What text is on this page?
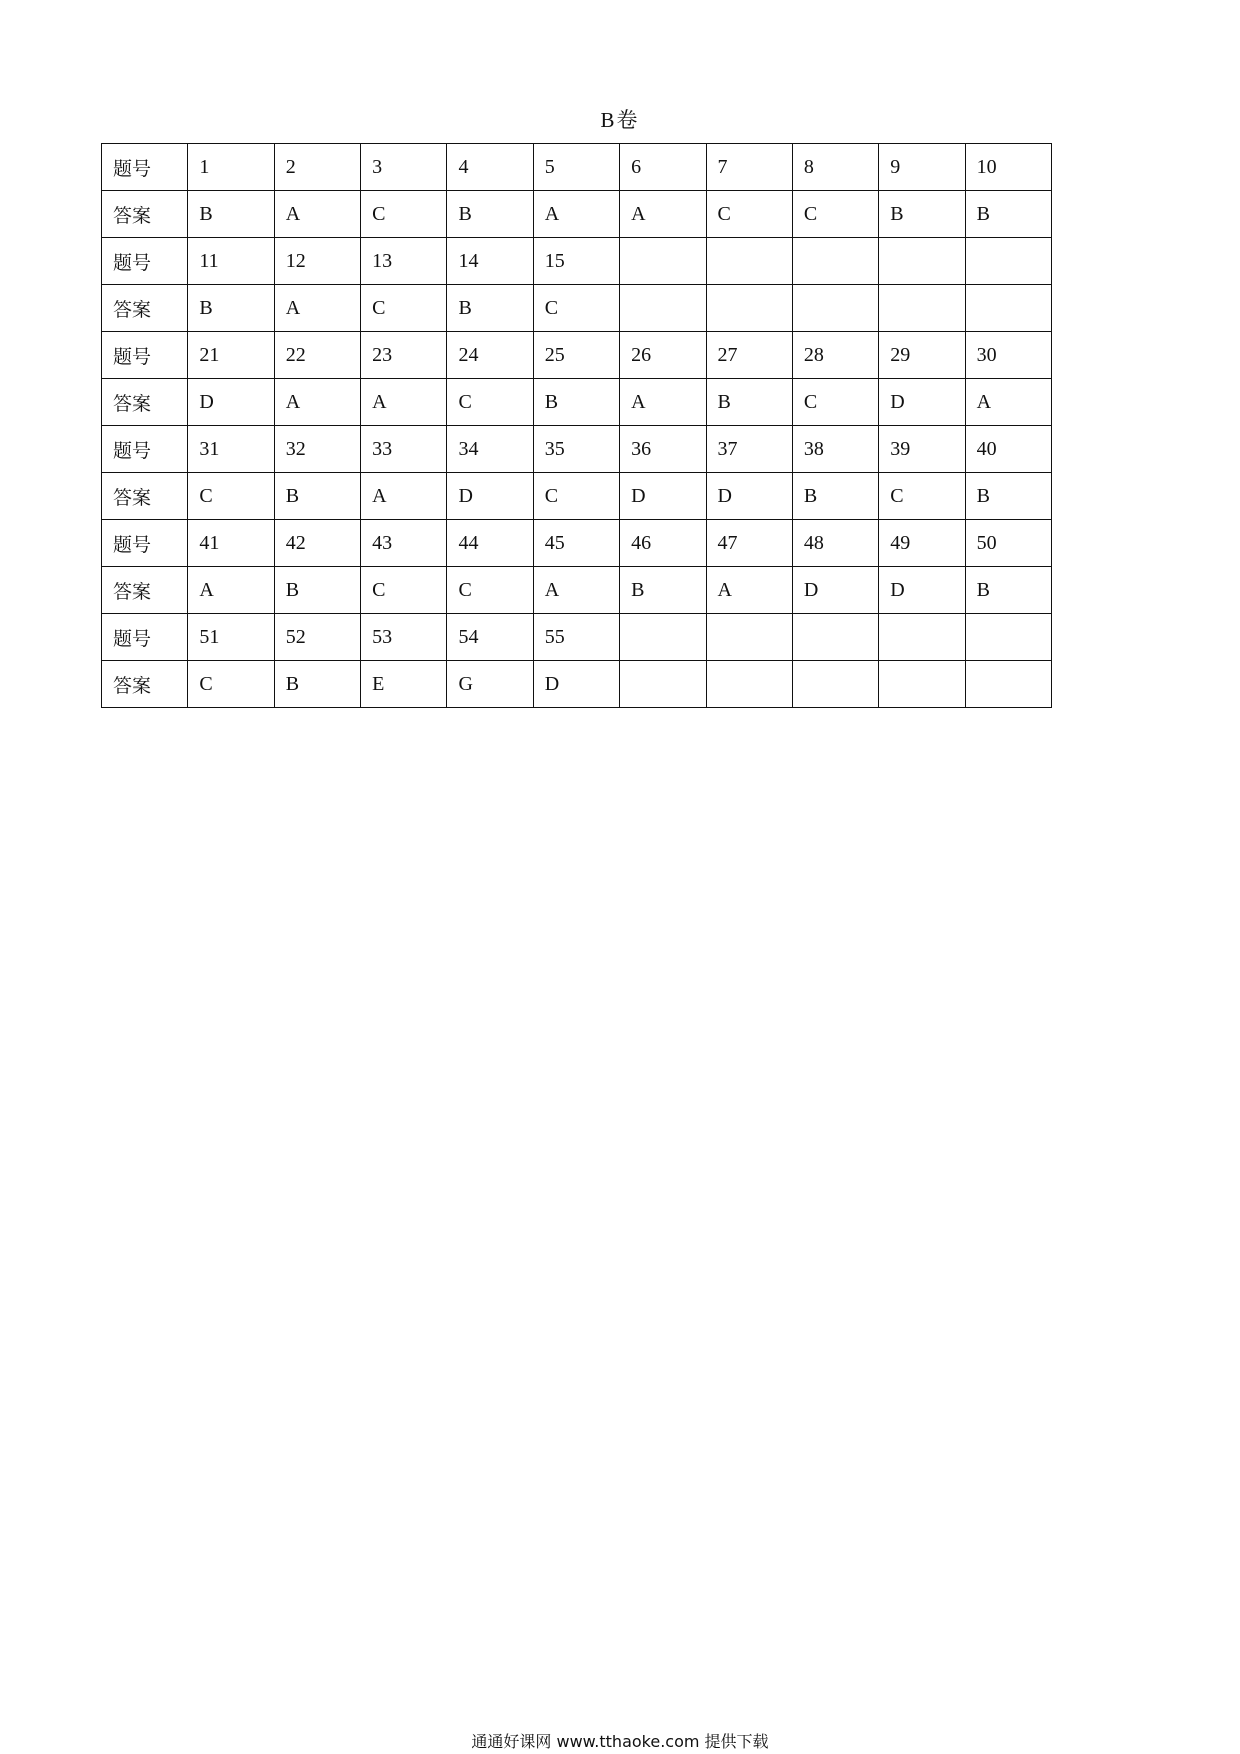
B卷
题号	1	2	3	4	5	6	7	8	9	10
答案	B	A	C	B	A	A	C	C	B	B
题号	11	12	13	14	15					
答案	B	A	C	B	C					
题号	21	22	23	24	25	26	27	28	29	30
答案	D	A	A	C	B	A	B	C	D	A
题号	31	32	33	34	35	36	37	38	39	40
答案	C	B	A	D	C	D	D	B	C	B
题号	41	42	43	44	45	46	47	48	49	50
答案	A	B	C	C	A	B	A	D	D	B
题号	51	52	53	54	55					
答案	C	B	E	G	D					
通通好课网 www.tthaoke.com 提供下载
